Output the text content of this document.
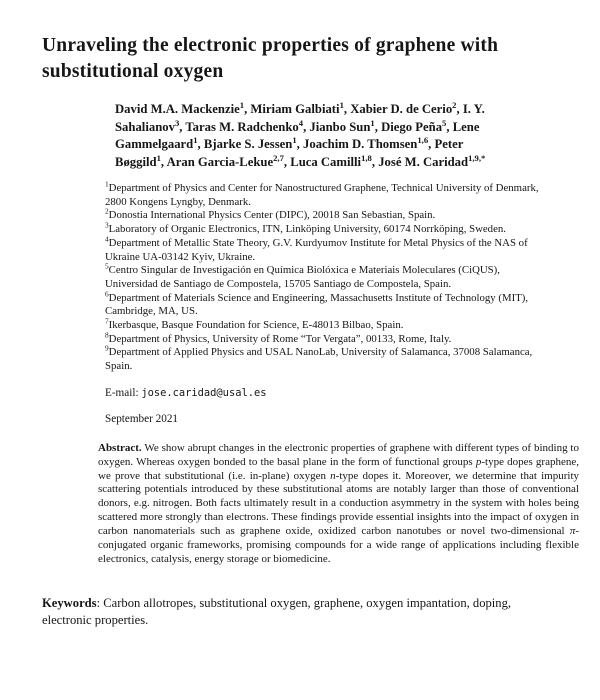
Unraveling the electronic properties of graphene with substitutional oxygen
David M.A. Mackenzie$^1$, Miriam Galbiati$^1$, Xabier D. de Cerio$^2$, I. Y. Sahalianov$^3$, Taras M. Radchenko$^4$, Jianbo Sun$^1$, Diego Peña$^5$, Lene Gammelgaard$^1$, Bjarke S. Jessen$^1$, Joachim D. Thomsen$^{1,6}$, Peter Bøggild$^1$, Aran Garcia-Lekue$^{2,7}$, Luca Camilli$^{1,8}$, José M. Caridad$^{1,9,*}$

$^1$Department of Physics and Center for Nanostructured Graphene, Technical University of Denmark, 2800 Kongens Lyngby, Denmark.

$^2$Donostia International Physics Center (DIPC), 20018 San Sebastian, Spain.

$^3$Laboratory of Organic Electronics, ITN, Linköping University, 60174 Norrköping, Sweden.

$^4$Department of Metallic State Theory, G.V. Kurdyumov Institute for Metal Physics of the NAS of Ukraine UA-03142 Kyiv, Ukraine.

$^5$Centro Singular de Investigación en Química Biolóxica e Materiais Moleculares (CiQUS), Universidad de Santiago de Compostela, 15705 Santiago de Compostela, Spain.

$^6$Department of Materials Science and Engineering, Massachusetts Institute of Technology (MIT), Cambridge, MA, US.

$^7$Ikerbasque, Basque Foundation for Science, E-48013 Bilbao, Spain.

$^8$Department of Physics, University of Rome “Tor Vergata”, 00133, Rome, Italy.

$^9$Department of Applied Physics and USAL NanoLab, University of Salamanca, 37008 Salamanca, Spain.

E-mail: jose.caridad@usal.es
September 2021
Abstract. We show abrupt changes in the electronic properties of graphene with different types of binding to oxygen. Whereas oxygen bonded to the basal plane in the form of functional groups p-type dopes graphene, we prove that substitutional (i.e. in-plane) oxygen n-type dopes it. Moreover, we determine that impurity scattering potentials introduced by these substitutional atoms are notably larger than those of conventional donors, e.g. nitrogen. Both facts ultimately result in a conduction asymmetry in the system with holes being scattered more strongly than electrons. These findings provide essential insights into the impact of oxygen in carbon nanomaterials such as graphene oxide, oxidized carbon nanotubes or novel two-dimensional π-conjugated organic frameworks, promising compounds for a wide range of applications including flexible electronics, catalysis, energy storage or biomedicine.
Keywords: Carbon allotropes, substitutional oxygen, graphene, oxygen impantation, doping, electronic properties.
